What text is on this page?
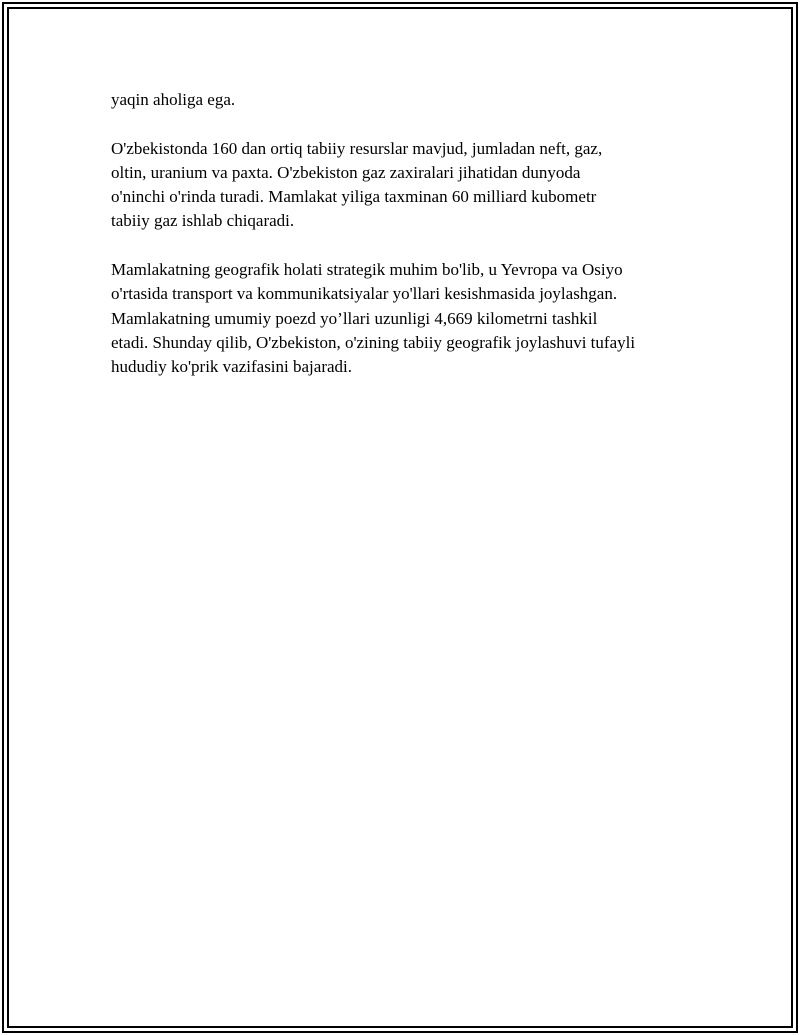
yaqin aholiga ega.

O'zbekistonda 160 dan ortiq tabiiy resurslar mavjud, jumladan neft, gaz,
oltin, uranium va paxta. O'zbekiston gaz zaxiralari jihatidan dunyoda
o'ninchi o'rinda turadi. Mamlakat yiligа taxminan 60 milliard kubometr
tabiiy gaz ishlab chiqaradi.

Mamlakatning geografik holati strategik muhim bo'lib, u Yevropa va Osiyo
o'rtasida transport va kommunikatsiyalar yo'llari kesishmasida joylashgan.
Mamlakatning umumiy poezd yo’llari uzunligi 4,669 kilometrni tashkil
etadi. Shunday qilib, O'zbekiston, o'zining tabiiy geografik joylashuvi tufayli
hududiy ko'prik vazifasini bajaradi.
